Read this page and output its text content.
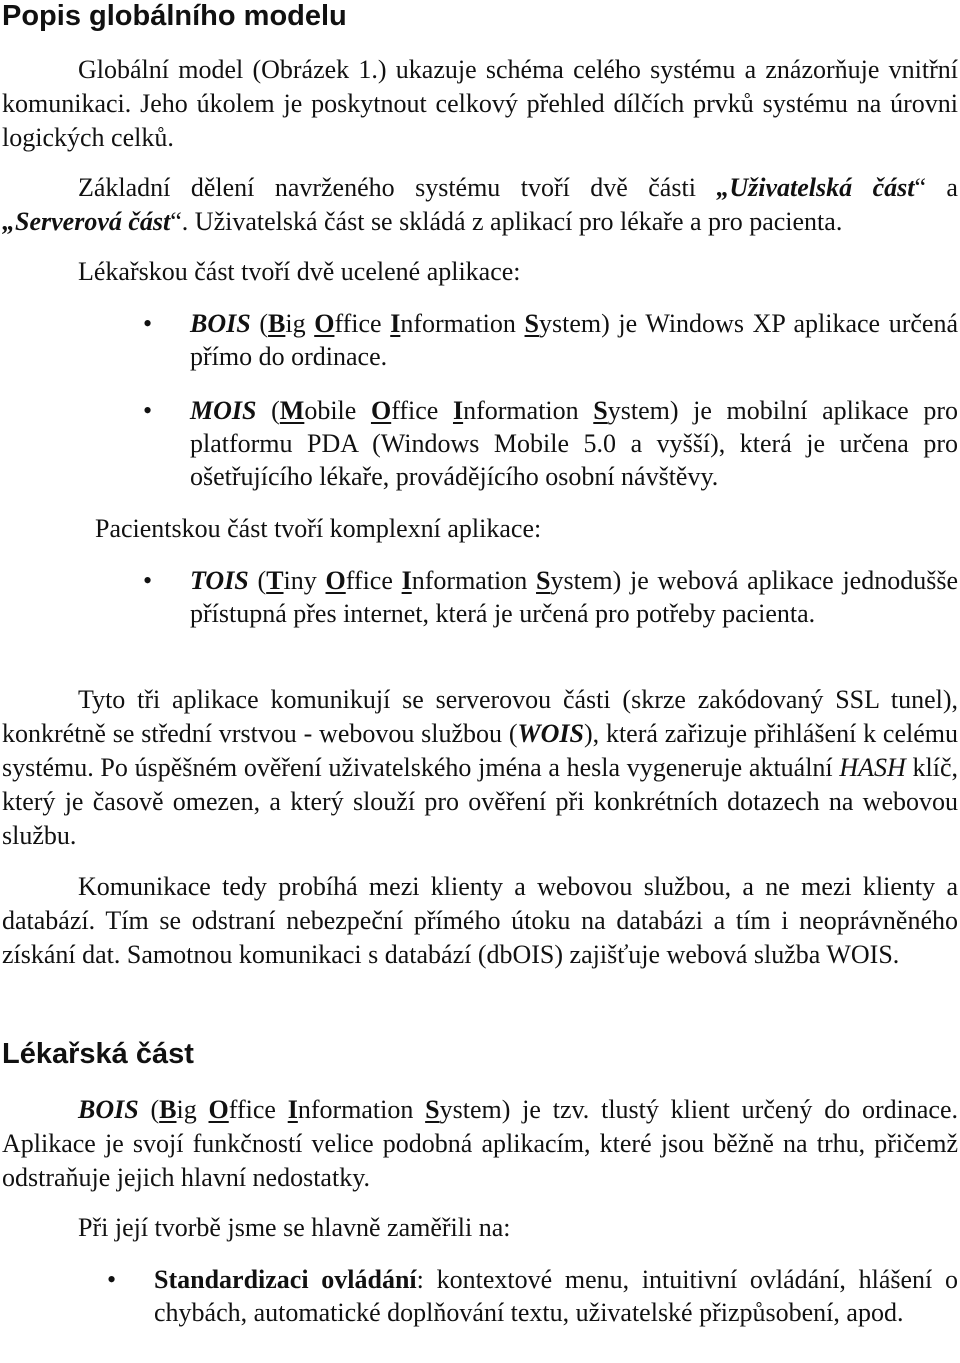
Popis globálního modelu

Globální model (Obrázek 1.) ukazuje schéma celého systému a znázorňuje vnitřní komunikaci. Jeho úkolem je poskytnout celkový přehled dílčích prvků systému na úrovni logických celků.

Základní dělení navrženého systému tvoří dvě části „Uživatelská část“ a „Serverová část“. Uživatelská část se skládá z aplikací pro lékaře a pro pacienta.

Lékařskou část tvoří dvě ucelené aplikace:

• BOIS (Big Office Information System) je Windows XP aplikace určená přímo do ordinace.

• MOIS (Mobile Office Information System) je mobilní aplikace pro platformu PDA (Windows Mobile 5.0 a vyšší), která je určena pro ošetřujícího lékaře, provádějícího osobní návštěvy.

Pacientskou část tvoří komplexní aplikace:

• TOIS (Tiny Office Information System) je webová aplikace jednodušše přístupná přes internet, která je určená pro potřeby pacienta.

Tyto tři aplikace komunikují se serverovou části (skrze zakódovaný SSL tunel), konkrétně se střední vrstvou - webovou službou (WOIS), která zařizuje přihlášení k celému systému. Po úspěšném ověření uživatelského jména a hesla vygeneruje aktuální HASH klíč, který je časově omezen, a který slouží pro ověření při konkrétních dotazech na webovou službu.

Komunikace tedy probíhá mezi klienty a webovou službou, a ne mezi klienty a databází. Tím se odstraní nebezpeční přímého útoku na databázi a tím i neoprávněného získání dat. Samotnou komunikaci s databází (dbOIS) zajišťuje webová služba WOIS.

Lékařská část

BOIS (Big Office Information System) je tzv. tlustý klient určený do ordinace. Aplikace je svojí funkčností velice podobná aplikacím, které jsou běžně na trhu, přičemž odstraňuje jejich hlavní nedostatky.

Při její tvorbě jsme se hlavně zaměřili na:

• Standardizaci ovládání: kontextové menu, intuitivní ovládání, hlášení o chybách, automatické doplňování textu, uživatelské přizpůsobení, apod.
